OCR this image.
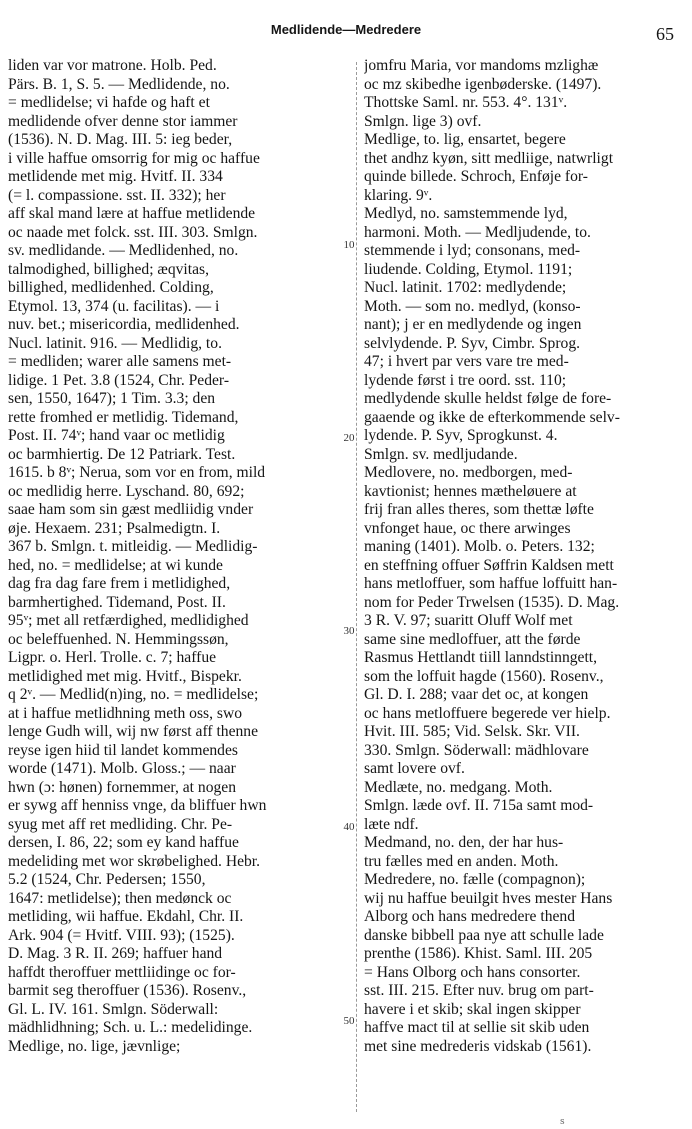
Medlidende—Medredere	65
liden var vor matrone. Holb. Ped.
Pärs. B. 1, S. 5. — Medlidende, no.
= medlidelse; vi hafde og haft et
medlidende ofver denne stor iammer
(1536). N. D. Mag. III. 5: ieg beder,
i ville haffue omsorrig for mig oc haffue
metlidende met mig. Hvitf. II. 334
(= l. compassione. sst. II. 332); her
aff skal mand lære at haffue metlidende
oc naade met folck. sst. III. 303. Smlgn.
sv. medlidande. — Medlidenhed, no.
talmodighed, billighed; æqvitas,
billighed, medlidenhed. Colding,
Etymol. 13, 374 (u. facilitas). — i
nuv. bet.; misericordia, medlidenhed.
Nucl. latinit. 916. — Medlidig, to.
= medliden; warer alle samens met-
lidige. 1 Pet. 3.8 (1524, Chr. Peder-
sen, 1550, 1647); 1 Tim. 3.3; den
rette fromhed er metlidig. Tidemand,
Post. II. 74ᵛ; hand vaar oc metlidig
oc barmhiertig. De 12 Patriark. Test.
1615. b 8ᵛ; Nerua, som vor en from, mild
oc medlidig herre. Lyschand. 80, 692;
saae ham som sin gæst medliidig vnder
øje. Hexaem. 231; Psalmedigtn. I.
367 b. Smlgn. t. mitleidig. — Medlidig-
hed, no. = medlidelse; at wi kunde
dag fra dag fare frem i metlidighed,
barmhertighed. Tidemand, Post. II.
95ᵛ; met all retfærdighed, medlidighed
oc beleffuenhed. N. Hemmingssøn,
Ligpr. o. Herl. Trolle. c. 7; haffue
metlidighed met mig. Hvitf., Bispekr.
q 2ᵛ. — Medlid(n)ing, no. = medlidelse;
at i haffue metlidhning meth oss, swo
lenge Gudh will, wij nw først aff thenne
reyse igen hiid til landet kommendes
worde (1471). Molb. Gloss.; — naar
hwn (ɔ: hønen) fornemmer, at nogen
er sywg aff henniss vnge, da bliffuer hwn
syug met aff ret medliding. Chr. Pe-
dersen, I. 86, 22; som ey kand haffue
medeliding met wor skrøbelighed. Hebr.
5.2 (1524, Chr. Pedersen; 1550,
1647: metlidelse); then medønck oc
metliding, wii haffue. Ekdahl, Chr. II.
Ark. 904 (= Hvitf. VIII. 93); (1525).
D. Mag. 3 R. II. 269; haffuer hand
haffdt theroffuer mettliidinge oc for-
barmit seg theroffuer (1536). Rosenv.,
Gl. L. IV. 161. Smlgn. Söderwall:
mädhlidhning; Sch. u. L.: medelidinge.
Medlige, no. lige, jævnlige;
10
20
30
40
50
jomfru Maria, vor mandoms mzlighæ
oc mz skibedhe igenbøderske. (1497).
Thottske Saml. nr. 553. 4°. 131ᵛ.
Smlgn. lige 3) ovf.
Medlige, to. lig, ensartet, begere
thet andhz kyøn, sitt medliige, natwrligt
quinde billede. Schroch, Enføje for-
klaring. 9ᵛ.
Medlyd, no. samstemmende lyd,
harmoni. Moth. — Medljudende, to.
stemmende i lyd; consonans, med-
liudende. Colding, Etymol. 1191;
Nucl. latinit. 1702: medlydende;
Moth. — som no. medlyd, (konso-
nant); j er en medlydende og ingen
selvlydende. P. Syv, Cimbr. Sprog.
47; i hvert par vers vare tre med-
lydende først i tre oord. sst. 110;
medlydende skulle heldst følge de fore-
gaaende og ikke de efterkommende selv-
lydende. P. Syv, Sprogkunst. 4.
Smlgn. sv. medljudande.
Medlovere, no. medborgen, med-
kavtionist; hennes mætheløuere at
frij fran alles theres, som thettæ løfte
vnfonget haue, oc there arwinges
maning (1401). Molb. o. Peters. 132;
en steffning offuer Søffrin Kaldsen mett
hans metloffuer, som haffue loffuitt han-
nom for Peder Trwelsen (1535). D. Mag.
3 R. V. 97; suaritt Oluff Wolf met
same sine medloffuer, att the førde
Rasmus Hettlandt tiill lanndstinngett,
som the loffuit hagde (1560). Rosenv.,
Gl. D. I. 288; vaar det oc, at kongen
oc hans metloffuere begerede ver hielp.
Hvit. III. 585; Vid. Selsk. Skr. VII.
330. Smlgn. Söderwall: mädhlovare
samt lovere ovf.
Medlæte, no. medgang. Moth.
Smlgn. læde ovf. II. 715a samt mod-
læte ndf.
Medmand, no. den, der har hus-
tru fælles med en anden. Moth.
Medredere, no. fælle (compagnon);
wij nu haffue beuilgit hves mester Hans
Alborg och hans medredere thend
danske bibbell paa nye att schulle lade
prenthe (1586). Khist. Saml. III. 205
= Hans Olborg och hans consorter.
sst. III. 215. Efter nuv. brug om part-
havere i et skib; skal ingen skipper
haffve mact til at sellie sit skib uden
met sine medrederis vidskab (1561).
s
